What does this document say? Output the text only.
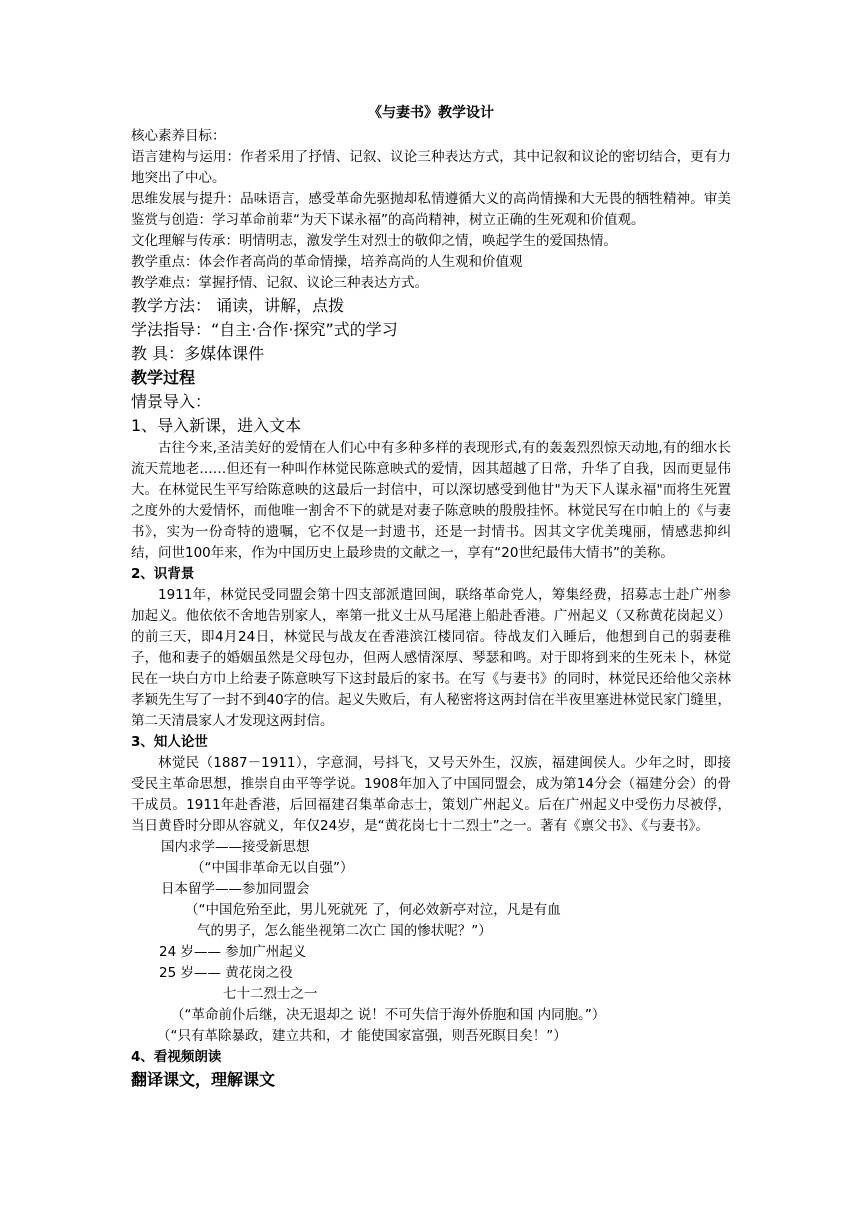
《与妻书》教学设计

核心素养目标：

语言建构与运用：作者采用了抒情、记叙、议论三种表达方式，其中记叙和议论的密切结合，更有力地突出了中心。

思维发展与提升：品味语言，感受革命先驱抛却私情遵循大义的高尚情操和大无畏的牺牲精神。审美鉴赏与创造：学习革命前辈“为天下谋永福”的高尚精神，树立正确的生死观和价值观。

文化理解与传承：明情明志，激发学生对烈士的敬仰之情，唤起学生的爱国热情。

教学重点：体会作者高尚的革命情操，培养高尚的人生观和价值观

教学难点：掌握抒情、记叙、议论三种表达方式。

教学方法： 诵读，讲解，点拨

学法指导：“自主·合作·探究”式的学习

教 具：多媒体课件

教学过程

情景导入：

1、导入新课，进入文本

古往今来,圣洁美好的爱情在人们心中有多种多样的表现形式,有的轰轰烈烈惊天动地,有的细水长流天荒地老……但还有一种叫作林觉民陈意映式的爱情，因其超越了日常，升华了自我，因而更显伟大。在林觉民生平写给陈意映的这最后一封信中，可以深切感受到他甘"为天下人谋永福"而将生死置之度外的大爱情怀，而他唯一割舍不下的就是对妻子陈意映的殷殷挂怀。林觉民写在巾帕上的《与妻书》，实为一份奇特的遗嘱，它不仅是一封遗书，还是一封情书。因其文字优美瑰丽，情感悲抑纠结，问世100年来，作为中国历史上最珍贵的文献之一，享有“20世纪最伟大情书”的美称。

2、识背景

1911年，林觉民受同盟会第十四支部派遣回闽，联络革命党人，筹集经费，招募志士赴广州参加起义。他依依不舍地告别家人，率第一批义士从马尾港上船赴香港。广州起义（又称黄花岗起义）的前三天，即4月24日，林觉民与战友在香港滨江楼同宿。待战友们入睡后，他想到自己的弱妻稚子，他和妻子的婚姻虽然是父母包办，但两人感情深厚、琴瑟和鸣。对于即将到来的生死未卜，林觉民在一块白方巾上给妻子陈意映写下这封最后的家书。在写《与妻书》的同时，林觉民还给他父亲林孝颖先生写了一封不到40字的信。起义失败后，有人秘密将这两封信在半夜里塞进林觉民家门缝里，第二天清晨家人才发现这两封信。

3、知人论世

林觉民（1887－1911），字意洞，号抖飞，又号天外生，汉族，福建闽侯人。少年之时，即接受民主革命思想，推崇自由平等学说。1908年加入了中国同盟会，成为第14分会（福建分会）的骨干成员。1911年赴香港，后回福建召集革命志士，策划广州起义。后在广州起义中受伤力尽被俘，当日黄昏时分即从容就义，年仅24岁，是“黄花岗七十二烈士”之一。著有《禀父书》、《与妻书》。

国内求学——接受新思想

（“中国非革命无以自强”）

日本留学——参加同盟会

（“中国危殆至此，男儿死就死 了，何必效新亭对泣，凡是有血

气的男子，怎么能坐视第二次亡 国的惨状呢？”）

24 岁—— 参加广州起义

25 岁—— 黄花岗之役

七十二烈士之一

（“革命前仆后继，决无退却之 说！不可失信于海外侨胞和国 内同胞。”）

（“只有革除暴政，建立共和，才 能使国家富强，则吾死瞑目矣！”）

4、看视频朗读

翻译课文，理解课文
